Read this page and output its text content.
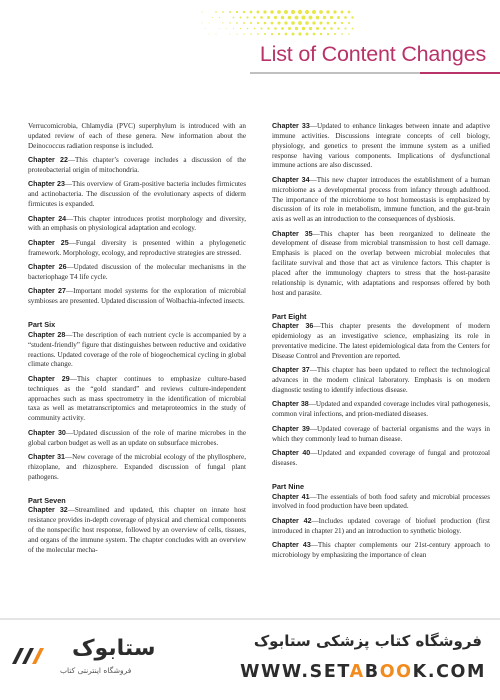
List of Content Changes

Verrucomicrobia, Chlamydia (PVC) superphylum is introduced with an updated review of each of these genera. New information about the Deinococcus radiation response is included.

Chapter 22—This chapter’s coverage includes a discussion of the proteobacterial origin of mitochondria.

Chapter 23—This overview of Gram-positive bacteria includes firmicutes and actinobacteria. The discussion of the evolutionary aspects of diderm firmicutes is expanded.

Chapter 24—This chapter introduces protist morphology and diversity, with an emphasis on physiological adaptation and ecology.

Chapter 25—Fungal diversity is presented within a phylogenetic framework. Morphology, ecology, and reproductive strategies are stressed.

Chapter 26—Updated discussion of the molecular mechanisms in the bacteriophage T4 life cycle.

Chapter 27—Important model systems for the exploration of microbial symbioses are presented. Updated discussion of Wolbachia-infected insects.

Part Six

Chapter 28—The description of each nutrient cycle is accompanied by a “student-friendly” figure that distinguishes between reductive and oxidative reactions. Updated coverage of the role of biogeochemical cycling in global climate change.

Chapter 29—This chapter continues to emphasize culture-based techniques as the “gold standard” and reviews culture-independent approaches such as mass spectrometry in the identification of microbial taxa as well as metatranscriptomics and metaproteomics in the study of community activity.

Chapter 30—Updated discussion of the role of marine microbes in the global carbon budget as well as an update on subsurface microbes.

Chapter 31—New coverage of the microbial ecology of the phyllosphere, rhizoplane, and rhizosphere. Expanded discussion of fungal plant pathogens.

Part Seven

Chapter 32—Streamlined and updated, this chapter on innate host resistance provides in-depth coverage of physical and chemical components of the nonspecific host response, followed by an overview of cells, tissues, and organs of the immune system. The chapter concludes with an overview of the molecular mecha-

Chapter 33—Updated to enhance linkages between innate and adaptive immune activities. Discussions integrate concepts of cell biology, physiology, and genetics to present the immune system as a unified response having various components. Implications of dysfunctional immune actions are also discussed.

Chapter 34—This new chapter introduces the establishment of a human microbiome as a developmental process from infancy through adulthood. The importance of the microbiome to host homeostasis is emphasized by discussion of its role in metabolism, immune function, and the gut-brain axis as well as an introduction to the consequences of dysbiosis.

Chapter 35—This chapter has been reorganized to delineate the development of disease from microbial transmission to host cell damage. Emphasis is placed on the overlap between microbial molecules that facilitate survival and those that act as virulence factors. This chapter is placed after the immunology chapters to stress that the host-parasite relationship is dynamic, with adaptations and responses offered by both host and parasite.

Part Eight

Chapter 36—This chapter presents the development of modern epidemiology as an investigative science, emphasizing its role in preventative medicine. The latest epidemiological data from the Centers for Disease Control and Prevention are reported.

Chapter 37—This chapter has been updated to reflect the technological advances in the modern clinical laboratory. Emphasis is on modern diagnostic testing to identify infectious disease.

Chapter 38—Updated and expanded coverage includes viral pathogenesis, common viral infections, and prion-mediated diseases.

Chapter 39—Updated coverage of bacterial organisms and the ways in which they commonly lead to human disease.

Chapter 40—Updated and expanded coverage of fungal and protozoal diseases.

Part Nine

Chapter 41—The essentials of both food safety and microbial processes involved in food production have been updated.

Chapter 42—Includes updated coverage of biofuel production (first introduced in chapter 21) and an introduction to synthetic biology.

Chapter 43—This chapter complements our 21st-century approach to microbiology by emphasizing the importance of clean

ستابوک
فروشگاه اینترنتی کتاب
فروشگاه کتاب پزشکی ستابوک
WWW.SETABOOK.COM
